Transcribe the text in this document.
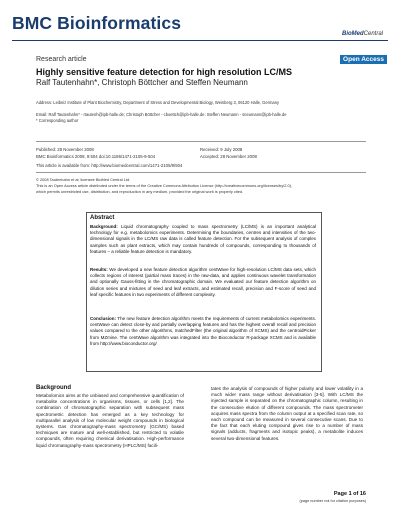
BMC Bioinformatics
BioMedCentral
Research article	Open Access
Highly sensitive feature detection for high resolution LC/MS
Ralf Tautenhahn*, Christoph Böttcher and Steffen Neumann
Address: Leibniz Institute of Plant Biochemistry, Department of Stress and Developmental Biology, Weinberg 3, 06120 Halle, Germany
Email: Ralf Tautenhahn* - rtautenh@ipb-halle.de; Christoph Böttcher - cboettch@ipb-halle.de; Steffen Neumann - sneumann@ipb-halle.de
* Corresponding author
Published: 28 November 2008	Received: 9 July 2008
BMC Bioinformatics 2008, 9:504 doi:10.1186/1471-2105-9-504	Accepted: 28 November 2008
This article is available from: http://www.biomedcentral.com/1471-2105/9/504
© 2008 Tautenhahn et al; licensee BioMed Central Ltd.
This is an Open Access article distributed under the terms of the Creative Commons Attribution License (http://creativecommons.org/licenses/by/2.0),
which permits unrestricted use, distribution, and reproduction in any medium, provided the original work is properly cited.
Abstract
Background: Liquid chromatography coupled to mass spectrometry (LC/MS) is an important analytical technology for e.g. metabolomics experiments. Determining the boundaries, centres and intensities of the two-dimensional signals in the LC/MS raw data is called feature detection. For the subsequent analysis of complex samples such as plant extracts, which may contain hundreds of compounds, corresponding to thousands of features – a reliable feature detection is mandatory.
Results: We developed a new feature detection algorithm centWave for high-resolution LC/MS data sets, which collects regions of interest (partial mass traces) in the raw-data, and applies continuous wavelet transformation and optionally Gauss-fitting in the chromatographic domain. We evaluated our feature detection algorithm on dilution series and mixtures of seed and leaf extracts, and estimated recall, precision and F-score of seed and leaf specific features in two experiments of different complexity.
Conclusion: The new feature detection algorithm meets the requirements of current metabolomics experiments. centWave can detect close-by and partially overlapping features and has the highest overall recall and precision values compared to the other algorithms, matchedFilter (the original algorithm of XCMS) and the centroidPicker from MZmine. The centWave algorithm was integrated into the Bioconductor R-package XCMS and is available from http://www.bioconductor.org/
Background
Metabolomics aims at the unbiased and comprehensive quantification of metabolite concentrations in organisms, tissues, or cells [1,2]. The combination of chromatographic separation with subsequent mass spectrometric detection has emerged as a key technology for multiparallel analysis of low molecular weight compounds in biological systems. Gas chromatography-mass spectrometry (GC/MS) based techniques are mature and well-established, but restricted to volatile compounds, often requiring chemical derivatisation. High-performance liquid chromatography-mass spectrometry (HPLC/MS) facili-
tates the analysis of compounds of higher polarity and lower volatility in a much wider mass range without derivatisation [3-5]. With LC/MS the injected sample is separated on the chromatographic column, resulting in the consecutive elution of different compounds. The mass spectrometer acquires mass spectra from the column output at a specified scan rate, so each compound can be measured in several consecutive scans. Due to the fact that each eluting compound gives rise to a number of mass signals (adducts, fragments and isotopic peaks), a metabolite induces several two-dimensional features.
Page 1 of 16
(page number not for citation purposes)
